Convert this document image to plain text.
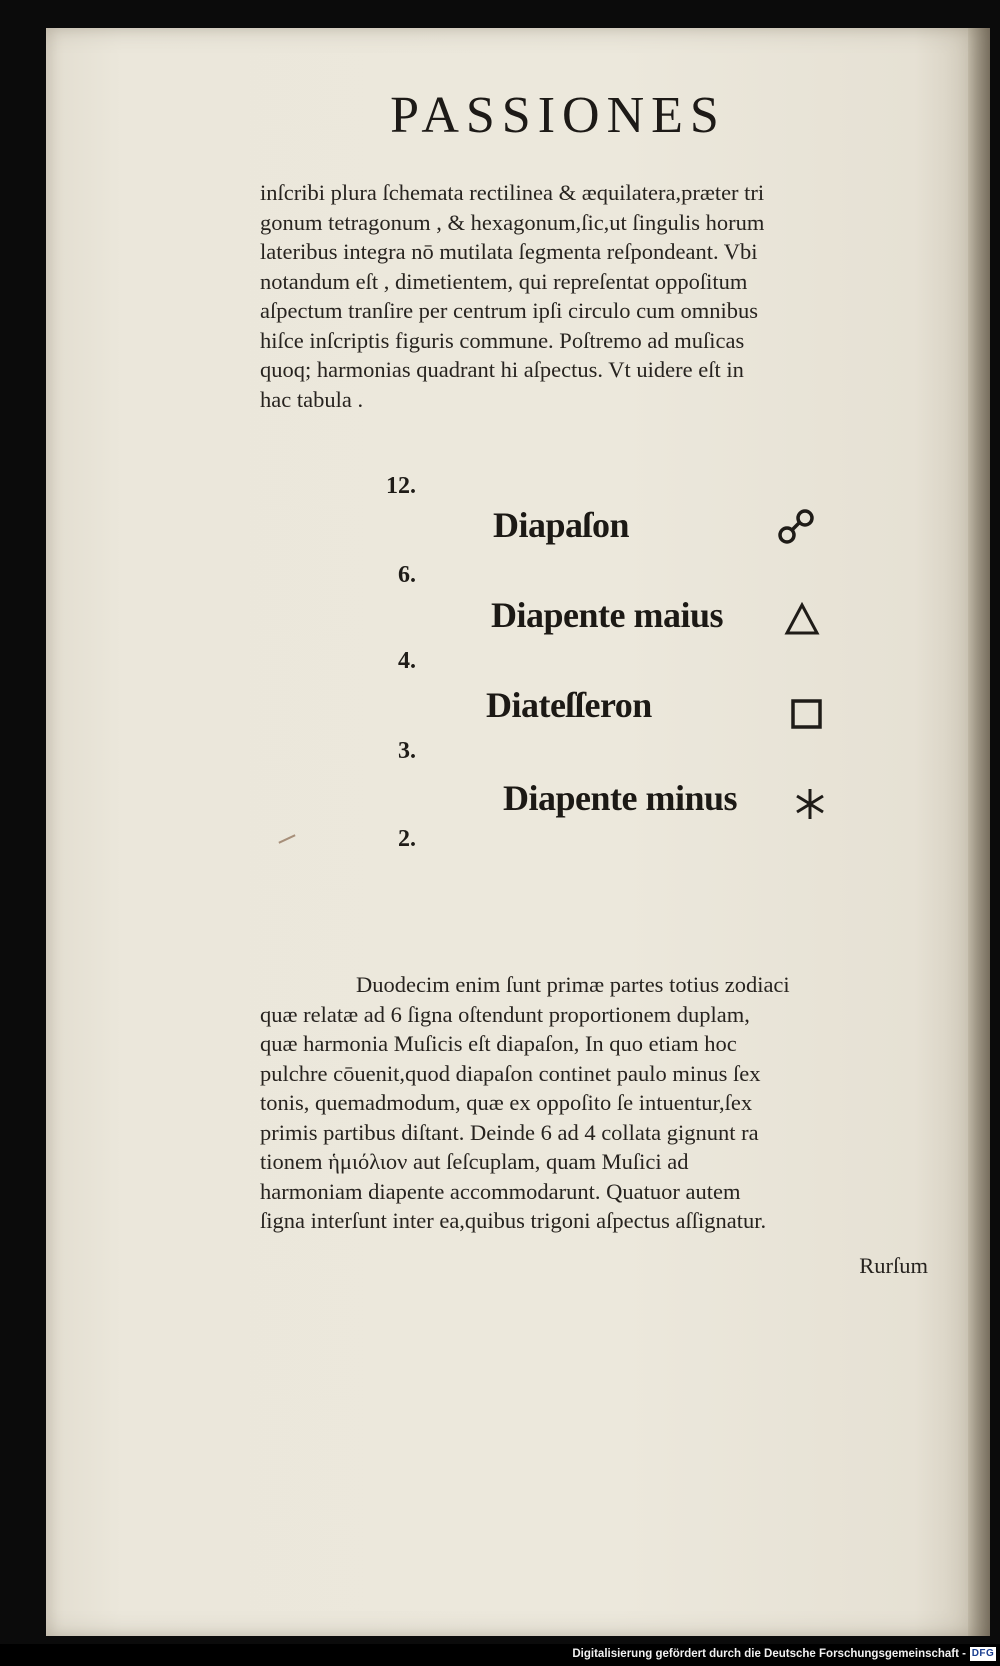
PASSIONES
inſcribi plura ſchemata rectilinea & æquilatera,præter tri
gonum tetragonum , & hexagonum,ſic,ut ſingulis horum
lateribus integra nō mutilata ſegmenta reſpondeant. Vbi
notandum eſt , dimetientem, qui repreſentat oppoſitum
aſpectum tranſire per centrum ipſi circulo cum omnibus
hiſce inſcriptis figuris commune. Poſtremo ad muſicas
quoq; harmonias quadrant hi aſpectus. Vt uidere eſt in
hac tabula .
12.
6.
4.
3.
2.
Diapaſon
Diapente maius
Diateſſeron
Diapente minus
Duodecim enim ſunt primæ partes totius zodiaci
quæ relatæ ad 6 ſigna oſtendunt proportionem duplam,
quæ harmonia Muſicis eſt diapaſon, In quo etiam hoc
pulchre cōuenit,quod diapaſon continet paulo minus ſex
tonis, quemadmodum, quæ ex oppoſito ſe intuentur,ſex
primis partibus diſtant. Deinde 6 ad 4 collata gignunt ra
tionem ἡμιόλιον aut ſeſcuplam, quam Muſici ad
harmoniam diapente accommodarunt. Quatuor autem
ſigna interſunt inter ea,quibus trigoni aſpectus aſſignatur.
Rurſum
Digitalisierung gefördert durch die Deutsche Forschungsgemeinschaft - DFG
